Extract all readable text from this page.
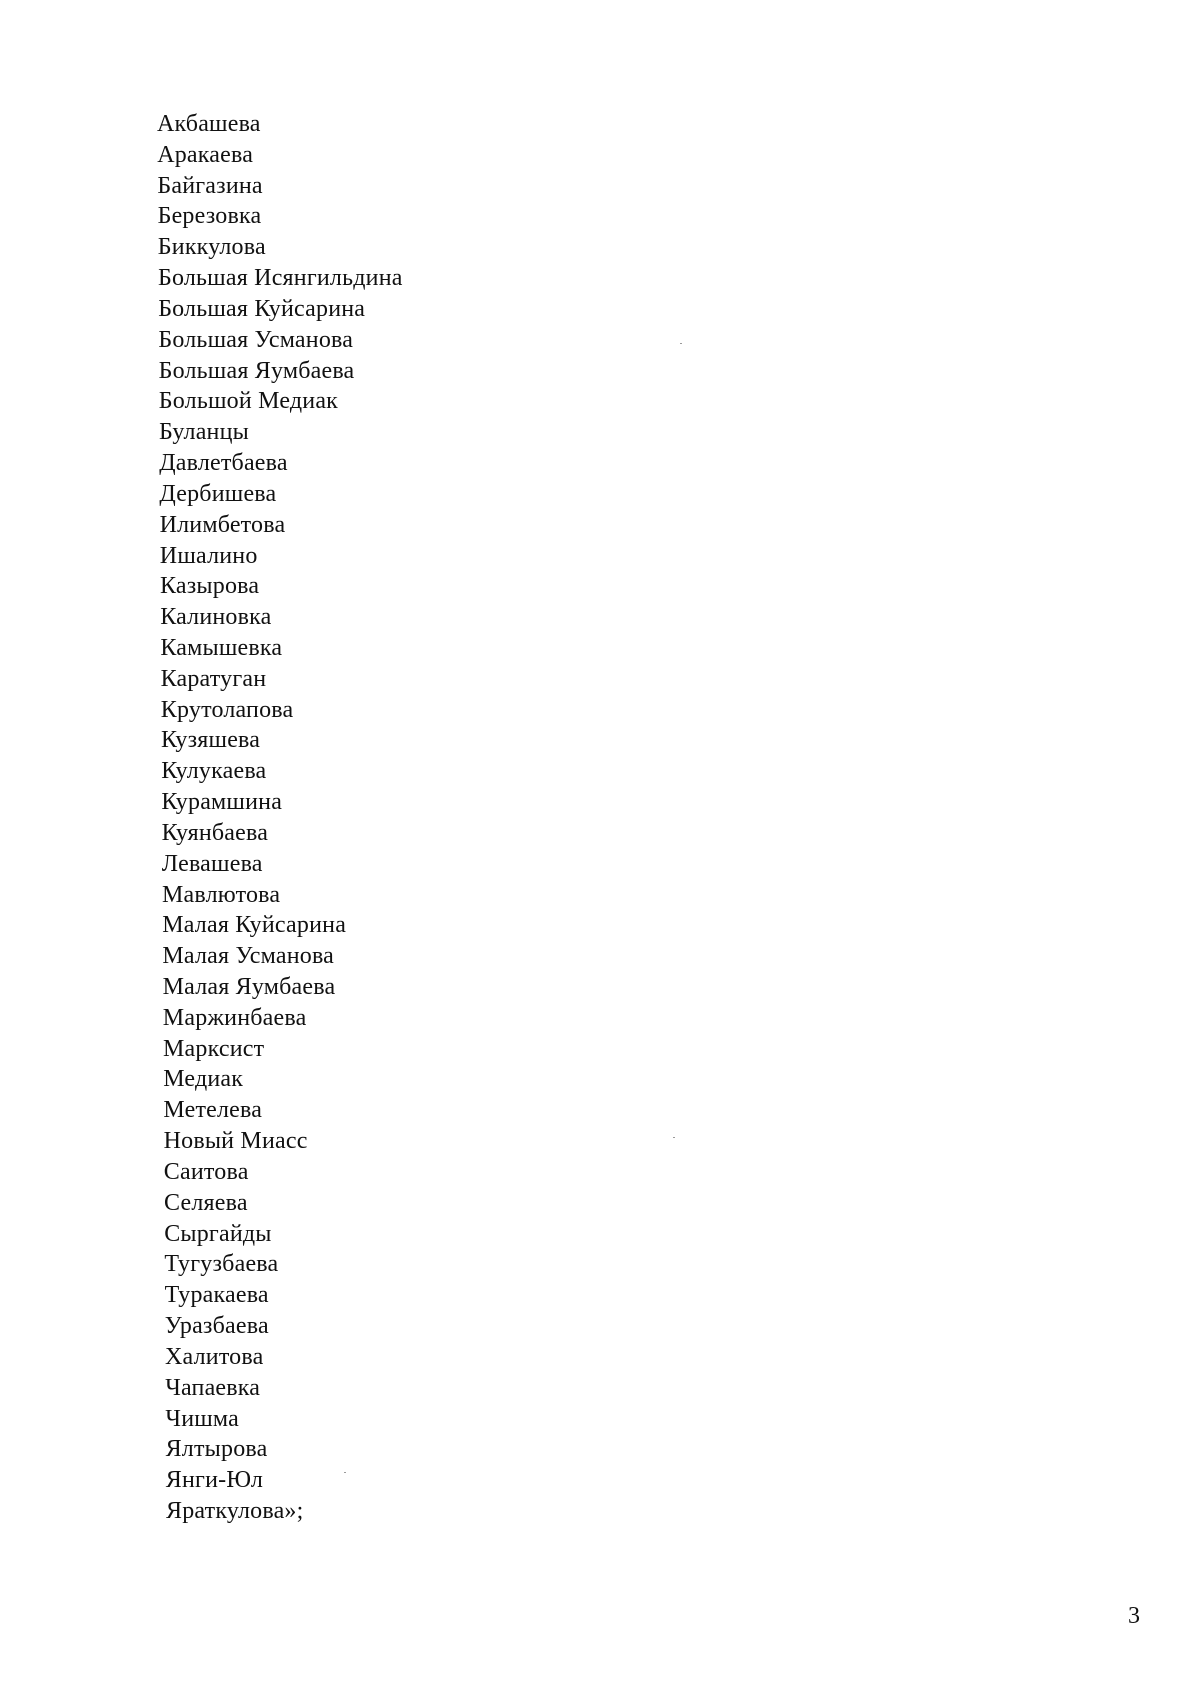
Акбашева
Аракаева
Байгазина
Березовка
Биккулова
Большая Исянгильдина
Большая Куйсарина
Большая Усманова
Большая Яумбаева
Большой Медиак
Буланцы
Давлетбаева
Дербишева
Илимбетова
Ишалино
Казырова
Калиновка
Камышевка
Каратуган
Крутолапова
Кузяшева
Кулукаева
Курамшина
Куянбаева
Левашева
Мавлютова
Малая Куйсарина
Малая Усманова
Малая Яумбаева
Маржинбаева
Марксист
Медиак
Метелева
Новый Миасс
Саитова
Селяева
Сыргайды
Тугузбаева
Туракаева
Уразбаева
Халитова
Чапаевка
Чишма
Ялтырова
Янги-Юл
Яраткулова»;
3
